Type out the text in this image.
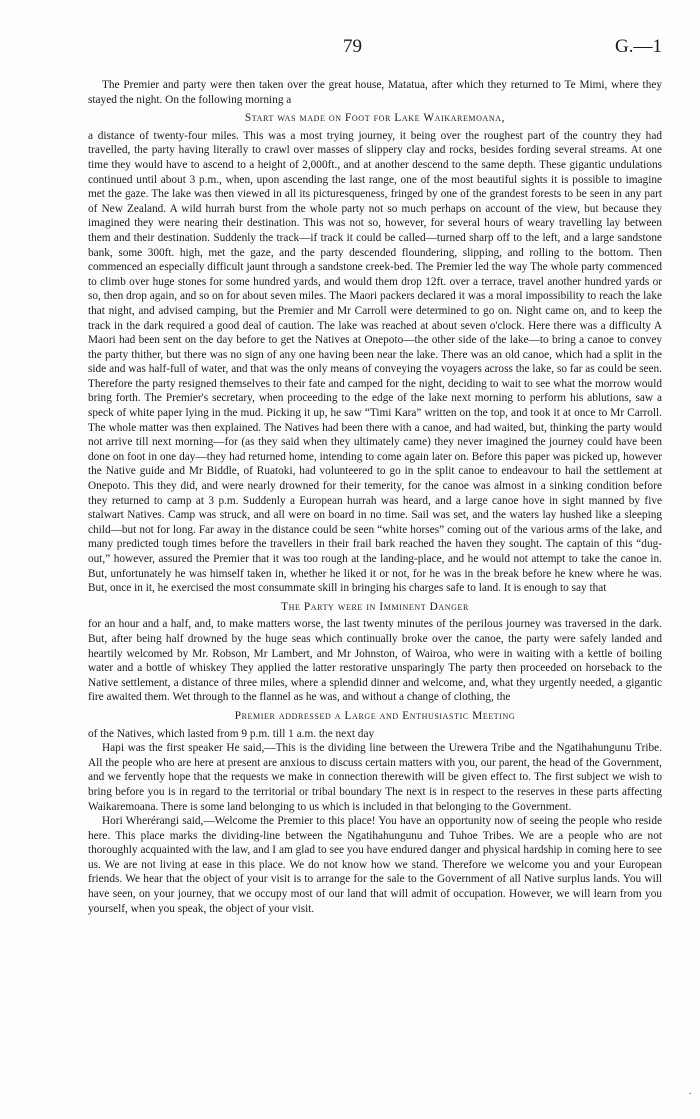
79	G.—1

The Premier and party were then taken over the great house, Matatua, after which they returned to Te Mimi, where they stayed the night. On the following morning a

Start was made on Foot for Lake Waikaremoana,

a distance of twenty-four miles. This was a most trying journey, it being over the roughest part of the country they had travelled, the party having literally to crawl over masses of slippery clay and rocks, besides fording several streams. At one time they would have to ascend to a height of 2,000ft., and at another descend to the same depth. These gigantic undulations continued until about 3 p.m., when, upon ascending the last range, one of the most beautiful sights it is possible to imagine met the gaze. The lake was then viewed in all its picturesqueness, fringed by one of the grandest forests to be seen in any part of New Zealand. A wild hurrah burst from the whole party not so much perhaps on account of the view, but because they imagined they were nearing their destination. This was not so, however, for several hours of weary travelling lay between them and their destination. Suddenly the track—if track it could be called—turned sharp off to the left, and a large sandstone bank, some 300ft. high, met the gaze, and the party descended floundering, slipping, and rolling to the bottom. Then commenced an especially difficult jaunt through a sandstone creek-bed. The Premier led the way The whole party commenced to climb over huge stones for some hundred yards, and would them drop 12ft. over a terrace, travel another hundred yards or so, then drop again, and so on for about seven miles. The Maori packers declared it was a moral impossibility to reach the lake that night, and advised camping, but the Premier and Mr Carroll were determined to go on. Night came on, and to keep the track in the dark required a good deal of caution. The lake was reached at about seven o'clock. Here there was a difficulty A Maori had been sent on the day before to get the Natives at Onepoto—the other side of the lake—to bring a canoe to convey the party thither, but there was no sign of any one having been near the lake. There was an old canoe, which had a split in the side and was half-full of water, and that was the only means of conveying the voyagers across the lake, so far as could be seen. Therefore the party resigned themselves to their fate and camped for the night, deciding to wait to see what the morrow would bring forth. The Premier's secretary, when proceeding to the edge of the lake next morning to perform his ablutions, saw a speck of white paper lying in the mud. Picking it up, he saw “Timi Kara” written on the top, and took it at once to Mr Carroll. The whole matter was then explained. The Natives had been there with a canoe, and had waited, but, thinking the party would not arrive till next morning—for (as they said when they ultimately came) they never imagined the journey could have been done on foot in one day—they had returned home, intending to come again later on. Before this paper was picked up, however the Native guide and Mr Biddle, of Ruatoki, had volunteered to go in the split canoe to endeavour to hail the settlement at Onepoto. This they did, and were nearly drowned for their temerity, for the canoe was almost in a sinking condition before they returned to camp at 3 p.m. Suddenly a European hurrah was heard, and a large canoe hove in sight manned by five stalwart Natives. Camp was struck, and all were on board in no time. Sail was set, and the waters lay hushed like a sleeping child—but not for long. Far away in the distance could be seen “white horses” coming out of the various arms of the lake, and many predicted tough times before the travellers in their frail bark reached the haven they sought. The captain of this “dug-out,” however, assured the Premier that it was too rough at the landing-place, and he would not attempt to take the canoe in. But, unfortunately he was himself taken in, whether he liked it or not, for he was in the break before he knew where he was. But, once in it, he exercised the most consummate skill in bringing his charges safe to land. It is enough to say that

The Party were in Imminent Danger

for an hour and a half, and, to make matters worse, the last twenty minutes of the perilous journey was traversed in the dark. But, after being half drowned by the huge seas which continually broke over the canoe, the party were safely landed and heartily welcomed by Mr. Robson, Mr Lambert, and Mr Johnston, of Wairoa, who were in waiting with a kettle of boiling water and a bottle of whiskey They applied the latter restorative unsparingly The party then proceeded on horseback to the Native settlement, a distance of three miles, where a splendid dinner and welcome, and, what they urgently needed, a gigantic fire awaited them. Wet through to the flannel as he was, and without a change of clothing, the

Premier addressed a Large and Enthusiastic Meeting

of the Natives, which lasted from 9 p.m. till 1 a.m. the next day

Hapi was the first speaker He said,—This is the dividing line between the Urewera Tribe and the Ngatihahungunu Tribe. All the people who are here at present are anxious to discuss certain matters with you, our parent, the head of the Government, and we fervently hope that the requests we make in connection therewith will be given effect to. The first subject we wish to bring before you is in regard to the territorial or tribal boundary The next is in respect to the reserves in these parts affecting Waikaremoana. There is some land belonging to us which is included in that belonging to the Government.

Hori Wherérangi said,—Welcome the Premier to this place! You have an opportunity now of seeing the people who reside here. This place marks the dividing-line between the Ngatihahungunu and Tuhoe Tribes. We are a people who are not thoroughly acquainted with the law, and I am glad to see you have endured danger and physical hardship in coming here to see us. We are not living at ease in this place. We do not know how we stand. Therefore we welcome you and your European friends. We hear that the object of your visit is to arrange for the sale to the Government of all Native surplus lands. You will have seen, on your journey, that we occupy most of our land that will admit of occupation. However, we will learn from you yourself, when you speak, the object of your visit.

·
